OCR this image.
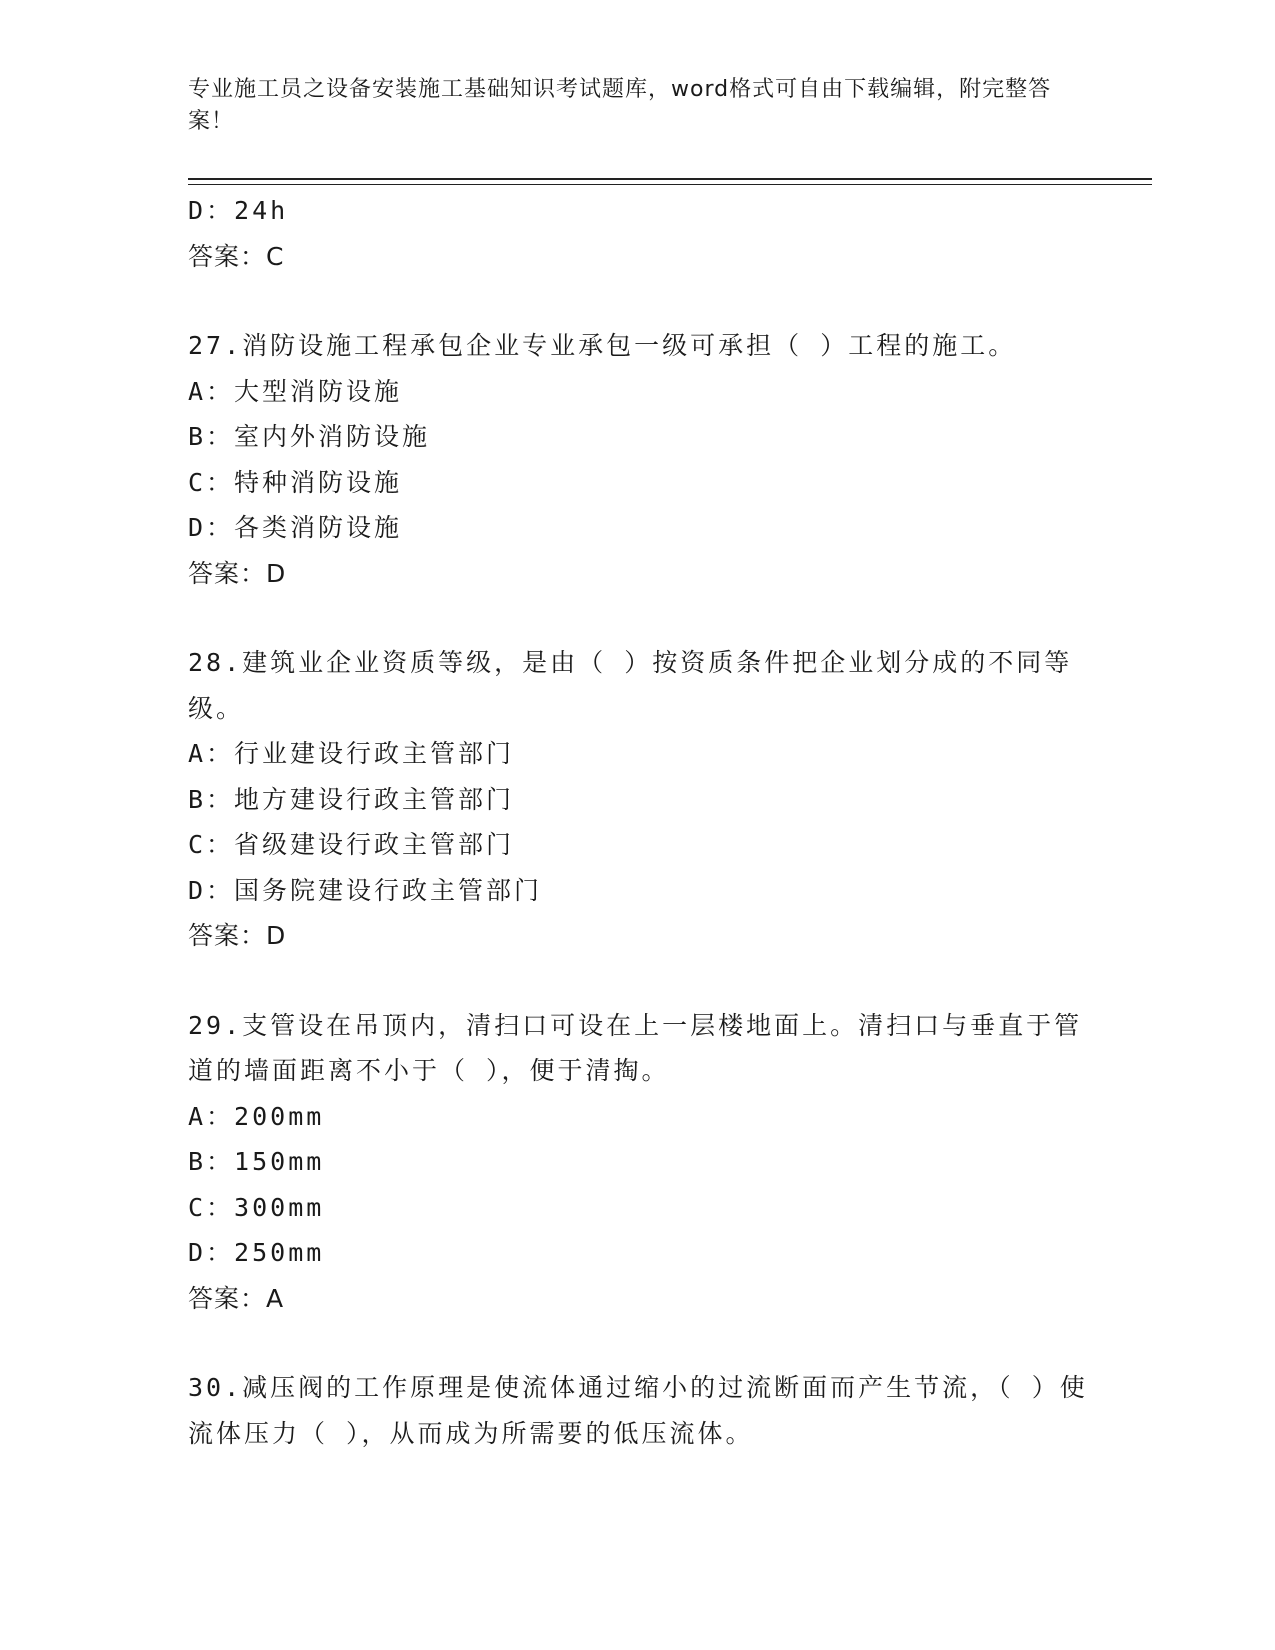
专业施工员之设备安装施工基础知识考试题库，word格式可自由下载编辑，附完整答案！
D：24h
答案：C
27.消防设施工程承包企业专业承包一级可承担（ ）工程的施工。
A：大型消防设施
B：室内外消防设施
C：特种消防设施
D：各类消防设施
答案：D
28.建筑业企业资质等级，是由（ ）按资质条件把企业划分成的不同等级。
A：行业建设行政主管部门
B：地方建设行政主管部门
C：省级建设行政主管部门
D：国务院建设行政主管部门
答案：D
29.支管设在吊顶内，清扫口可设在上一层楼地面上。清扫口与垂直于管道的墙面距离不小于（ ），便于清掏。
A：200mm
B：150mm
C：300mm
D：250mm
答案：A
30.减压阀的工作原理是使流体通过缩小的过流断面而产生节流，（ ）使流体压力（ ），从而成为所需要的低压流体。
